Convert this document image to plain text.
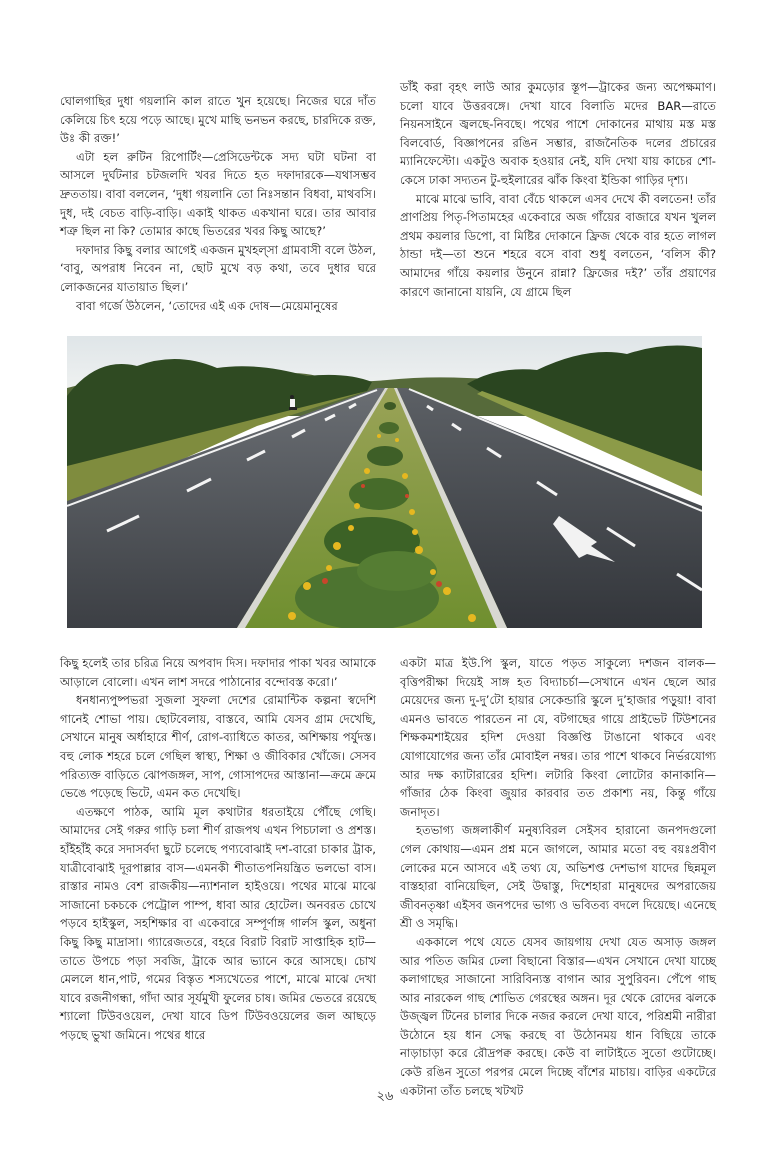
ঘোলগাছির দুধা গয়লানি কাল রাতে খুন হয়েছে। নিজের ঘরে দাঁত কেলিয়ে চিৎ হয়ে পড়ে আছে। মুখে মাছি ভনভন করছে, চারদিকে রক্ত, উঃ কী রক্ত!’

এটা হল রুটিন রিপোর্টিং—প্রেসিডেন্টকে সদ্য ঘটা ঘটনা বা আসলে দুর্ঘটনার চটজলদি খবর দিতে হত দফাদারকে—যথাসম্ভব দ্রুততায়। বাবা বললেন, ‘দুধা গয়লানি তো নিঃসন্তান বিধবা, মাথবসি। দুধ, দই বেচত বাড়ি-বাড়ি। একাই থাকত একখানা ঘরে। তার আবার শত্রু ছিল না কি? তোমার কাছে ভিতরের খবর কিছু আছে?’

দফাদার কিছু বলার আগেই একজন মুখহল্সা গ্রামবাসী বলে উঠল, ‘বাবু, অপরাধ নিবেন না, ছোট মুখে বড় কথা, তবে দুধার ঘরে লোকজনের যাতায়াত ছিল।’

বাবা গর্জে উঠলেন, ‘তোদের এই এক দোষ—মেয়েমানুষের

ডাঁই করা বৃহৎ লাউ আর কুমড়োর স্তূপ—ট্রাকের জন্য অপেক্ষমাণ। চলো যাবে উত্তরবঙ্গে। দেখা যাবে বিলাতি মদের BAR—রাতে নিয়নসাইনে জ্বলছে-নিবছে। পথের পাশে দোকানের মাথায় মস্ত মস্ত বিলবোর্ড, বিজ্ঞাপনের রঙিন সম্ভার, রাজনৈতিক দলের প্রচারের ম্যানিফেস্টো। একটুও অবাক হওয়ার নেই, যদি দেখা যায় কাচের শো-কেসে ঢাকা সদ্যতন টু-হুইলারের ঝাঁক কিংবা ইন্ডিকা গাড়ির দৃশ্য।

মাঝে মাঝে ভাবি, বাবা বেঁচে থাকলে এসব দেখে কী বলতেন! তাঁর প্রাণপ্রিয় পিতৃ-পিতামহের একেবারে অজ গাঁয়ের বাজারে যখন খুলল প্রথম কয়লার ডিপো, বা মিষ্টির দোকানে ফ্রিজ থেকে বার হতে লাগল ঠান্ডা দই—তা শুনে শহরে বসে বাবা শুধু বলতেন, ‘বলিস কী? আমাদের গাঁয়ে কয়লার উনুনে রান্না? ফ্রিজের দই?’ তাঁর প্রয়াণের কারণে জানানো যায়নি, যে গ্রামে ছিল

কিছু হলেই তার চরিত্র নিয়ে অপবাদ দিস। দফাদার পাকা খবর আমাকে আড়ালে বোলো। এখন লাশ সদরে পাঠানোর বন্দোবস্ত করো।’

ধনধান্যপুষ্পভরা সুজলা সুফলা দেশের রোমান্টিক কল্পনা স্বদেশি গানেই শোভা পায়। ছোটবেলায়, বাস্তবে, আমি যেসব গ্রাম দেখেছি, সেখানে মানুষ অর্ধাহারে শীর্ণ, রোগ-ব্যাধিতে কাতর, অশিক্ষায় পর্যুদস্ত। বহু লোক শহরে চলে গেছিল স্বাস্থ্য, শিক্ষা ও জীবিকার খোঁজে। সেসব পরিত্যক্ত বাড়িতে ঝোপজঙ্গল, সাপ, গোসাপদের আস্তানা—ক্রমে ক্রমে ভেঙে পড়েছে ভিটে, এমন কত দেখেছি।

এতক্ষণে পাঠক, আমি মূল কথাটার ধরতাইয়ে পৌঁছে গেছি। আমাদের সেই গরুর গাড়ি চলা শীর্ণ রাজপথ এখন পিচঢালা ও প্রশস্ত। হাঁইহাঁই করে সদাসর্বদা ছুটে চলেছে পণ্যবোঝাই দশ-বারো চাকার ট্রাক, যাত্রীবোঝাই দূরপাল্লার বাস—এমনকী শীতাতপনিয়ন্ত্রিত ভলভো বাস। রাস্তার নামও বেশ রাজকীয়—ন্যাশনাল হাইওয়ে। পথের মাঝে মাঝে সাজানো চকচকে পেট্রোল পাম্প, ধাবা আর হোটেল। অনবরত চোখে পড়বে হাইস্কুল, সহশিক্ষার বা একেবারে সম্পূর্ণাঙ্গ গার্লস স্কুল, অধুনা কিছু কিছু মাদ্রাসা। গ্যারেজতরে, বহরে বিরাট বিরাট সাপ্তাহিক হাট—তাতে উপচে পড়া সবজি, ট্রাকে আর ভ্যানে করে আসছে। চোখ মেললে ধান,পাট, গমের বিস্তৃত শস্যখেতের পাশে, মাঝে মাঝে দেখা যাবে রজনীগন্ধা, গাঁদা আর সূর্যমুখী ফুলের চাষ। জমির ভেতরে রয়েছে শ্যালো টিউবওয়েল, দেখা যাবে ডিপ টিউবওয়েলের জল আছড়ে পড়ছে ভুখা জমিনে। পথের ধারে

একটা মাত্র ইউ.পি স্কুল, যাতে পড়ত সাকুল্যে দশজন বালক—বৃত্তিপরীক্ষা দিয়েই সাঙ্গ হত বিদ্যাচর্চা—সেখানে এখন ছেলে আর মেয়েদের জন্য দু-দু’টো হায়ার সেকেন্ডারি স্কুলে দু’হাজার পড়ুয়া! বাবা এমনও ভাবতে পারতেন না যে, বটগাছের গায়ে প্রাইভেট টিউশনের শিক্ষকমশাইয়ের হদিশ দেওয়া বিজ্ঞপ্তি টাঙানো থাকবে এবং যোগাযোগের জন্য তাঁর মোবাইল নম্বর। তার পাশে থাকবে নির্ভরযোগ্য আর দক্ষ ক্যাটারারের হদিশ। লটারি কিংবা লোটোর কানাকানি—গাঁজার ঠেক কিংবা জুয়ার কারবার তত প্রকাশ্য নয়, কিন্তু গাঁয়ে জনাদৃত।

হতভাগ্য জঙ্গলাকীর্ণ মনুষ্যবিরল সেইসব হারানো জনপদগুলো গেল কোথায়—এমন প্রশ্ন মনে জাগলে, আমার মতো বহু বয়ঃপ্রবীণ লোকের মনে আসবে এই তথ্য যে, অভিশপ্ত দেশভাগ যাদের ছিন্নমূল বাস্তহারা বানিয়েছিল, সেই উদ্বাস্তু, দিশেহারা মানুষদের অপরাজেয় জীবনতৃষ্ণা এইসব জনপদের ভাগ্য ও ভবিতব্য বদলে দিয়েছে। এনেছে শ্রী ও সমৃদ্ধি।

এককালে পথে যেতে যেসব জায়গায় দেখা যেত অসাড় জঙ্গল আর পতিত জমির ঢেলা বিছানো বিস্তার—এখন সেখানে দেখা যাচ্ছে কলাগাছের সাজানো সারিবিন্যস্ত বাগান আর সুপুরিবন। পেঁপে গাছ আর নারকেল গাছ শোভিত গেরস্থের অঙ্গন। দূর থেকে রোদের ঝলকে উজ্জ্বল টিনের চালার দিকে নজর করলে দেখা যাবে, পরিশ্রমী নারীরা উঠোনে হয় ধান সেদ্ধ করছে বা উঠোনময় ধান বিছিয়ে তাকে নাড়াচাড়া করে রৌদ্রপক্ব করছে। কেউ বা লাটাইতে সুতো গুটোচ্ছে। কেউ রঙিন সুতো পরপর মেলে দিচ্ছে বাঁশের মাচায়। বাড়ির একটেরে একটানা তাঁত চলছে খটখট

২৬
